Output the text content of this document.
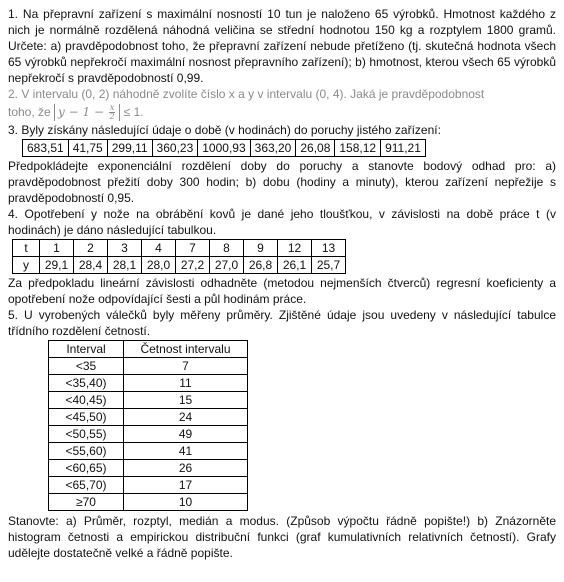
1. Na přepravní zařízení s maximální nosností 10 tun je naloženo 65 výrobků. Hmotnost každého z nich je normálně rozdělená náhodná veličina se střední hodnotou 150 kg a rozptylem 1800 gramů. Určete: a) pravděpodobnost toho, že přepravní zařízení nebude přetíženo (tj. skutečná hodnota všech 65 výrobků nepřekročí maximální nosnost přepravního zařízení); b) hmotnost, kterou všech 65 výrobků nepřekročí s pravděpodobností 0,99.

2. V intervalu (0, 2) náhodně zvolíte číslo x a y v intervalu (0, 4). Jaká je pravděpodobnost

toho, že $y - 1 - \frac{x}{2} \le 1$.

3. Byly získány následující údaje o době (v hodinách) do poruchy jistého zařízení:

683,51	41,75	299,11	360,23	1000,93	363,20	26,08	158,12	911,21

Předpokládejte exponenciální rozdělení doby do poruchy a stanovte bodový odhad pro: a) pravděpodobnost přežití doby 300 hodin; b) dobu (hodiny a minuty), kterou zařízení nepřežije s pravděpodobností 0,95.

4. Opotřebení y nože na obrábění kovů je dané jeho tloušťkou, v závislosti na době práce t (v hodinách) je dáno následující tabulkou.

t	1	2	3	4	7	8	9	12	13
y	29,1	28,4	28,1	28,0	27,2	27,0	26,8	26,1	25,7

Za předpokladu lineární závislosti odhadněte (metodou nejmenších čtverců) regresní koeficienty a opotřebení nože odpovídající šesti a půl hodinám práce.

5. U vyrobených válečků byly měřeny průměry. Zjištěné údaje jsou uvedeny v následující tabulce třídního rozdělení četností.

Interval	Četnost intervalu
<35	7
<35,40)	11
<40,45)	15
<45,50)	24
<50,55)	49
<55,60)	41
<60,65)	26
<65,70)	17
≥70	10

Stanovte: a) Průměr, rozptyl, medián a modus. (Způsob výpočtu řádně popište!) b) Znázorněte histogram četnosti a empirickou distribuční funkci (graf kumulativních relativních četností). Grafy udělejte dostatečně velké a řádně popište.
